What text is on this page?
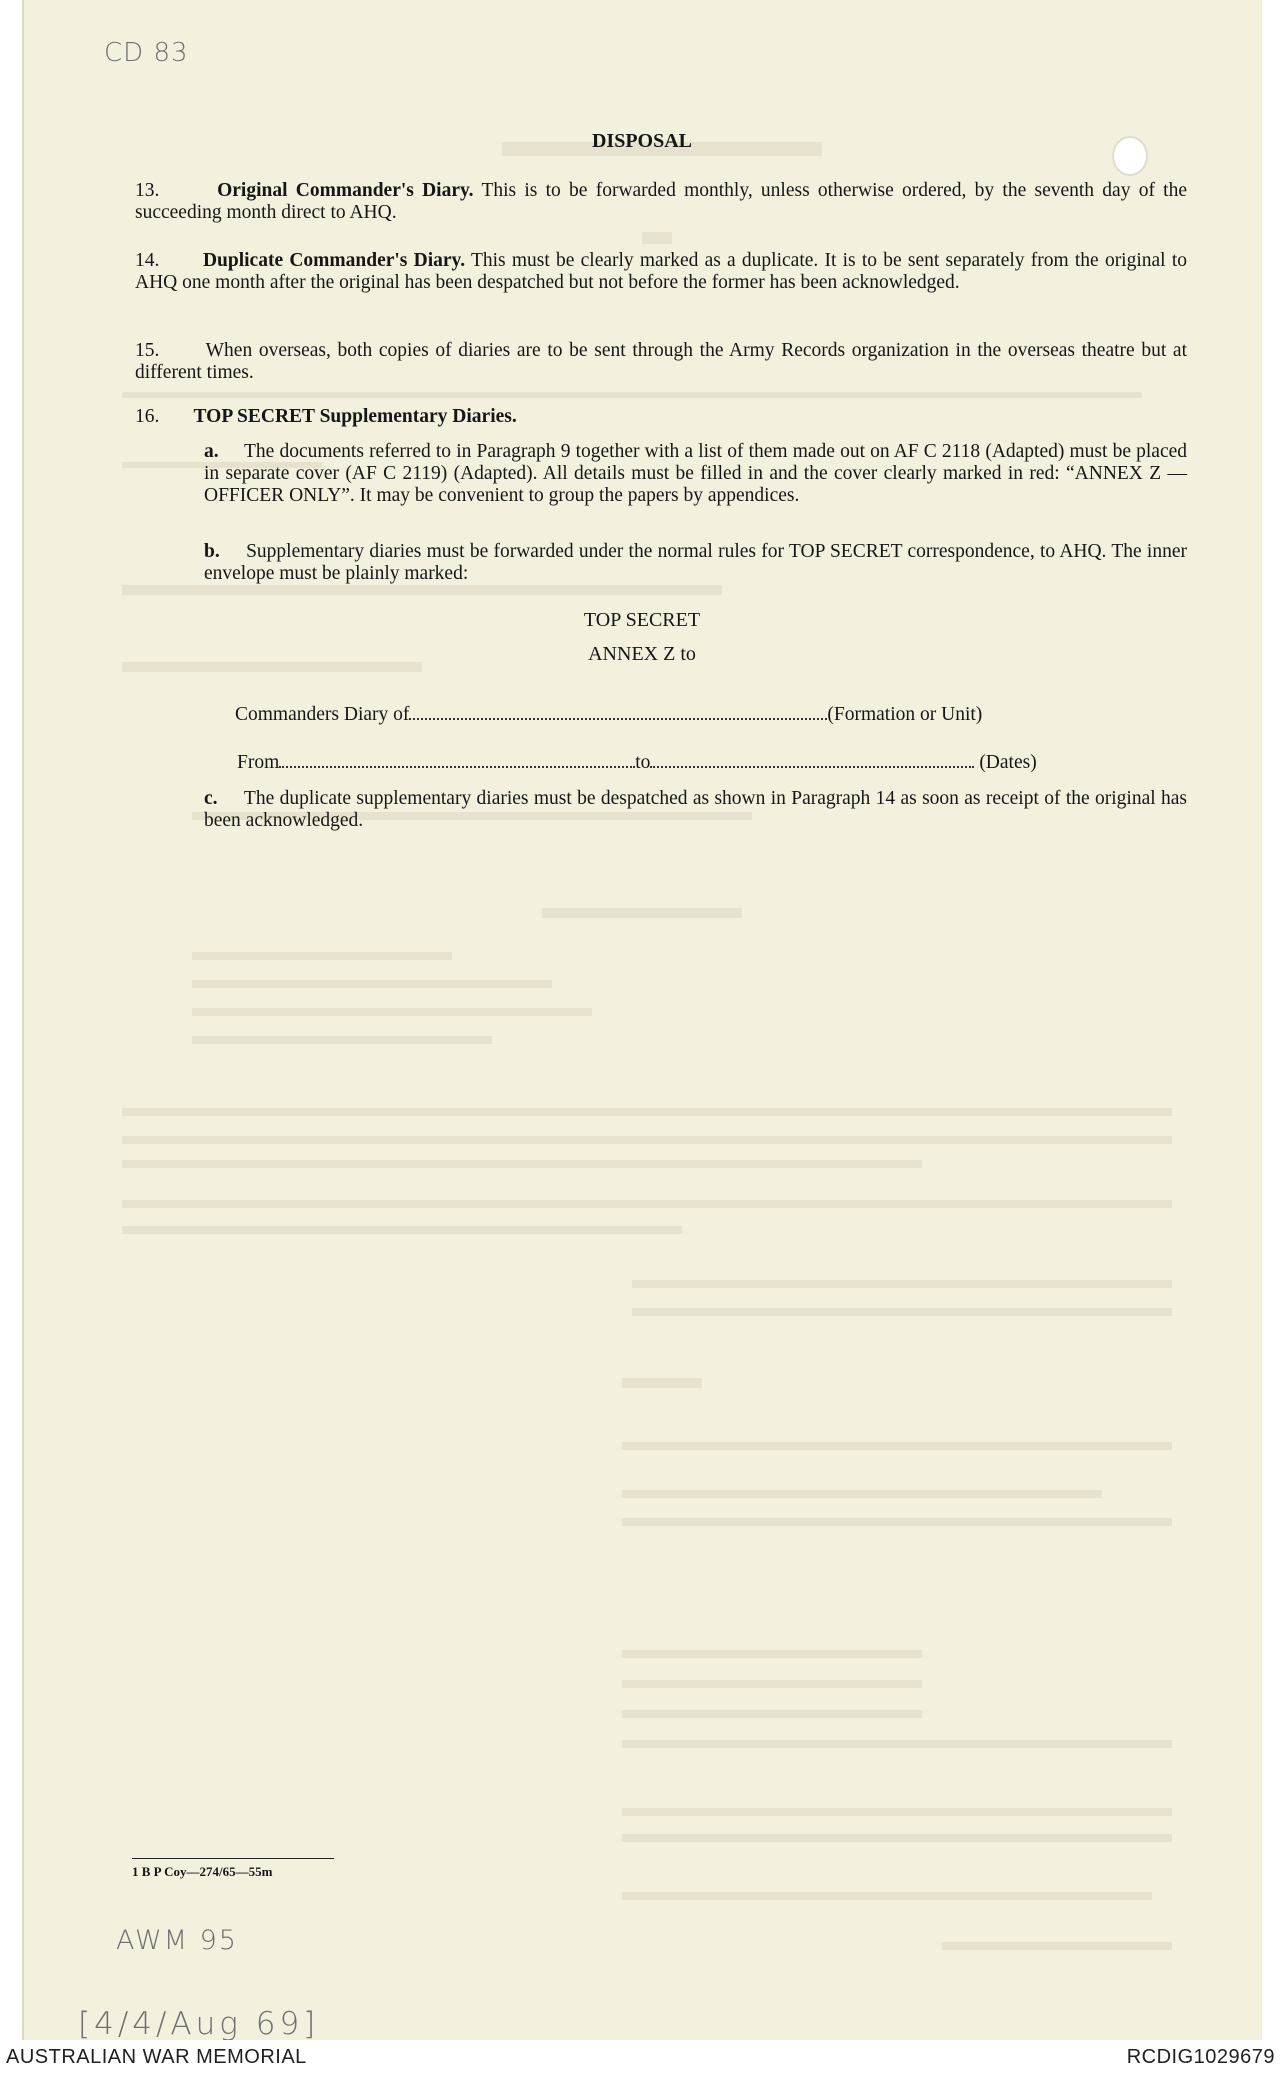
CD 83
DISPOSAL
13.	Original Commander's Diary. This is to be forwarded monthly, unless otherwise ordered, by the seventh day of the succeeding month direct to AHQ.
14. Duplicate Commander's Diary. This must be clearly marked as a duplicate. It is to be sent separately from the original to AHQ one month after the original has been despatched but not before the former has been acknowledged.
15. When overseas, both copies of diaries are to be sent through the Army Records organization in the overseas theatre but at different times.
16. TOP SECRET Supplementary Diaries.
a. The documents referred to in Paragraph 9 together with a list of them made out on AF C 2118 (Adapted) must be placed in separate cover (AF C 2119) (Adapted). All details must be filled in and the cover clearly marked in red: “ANNEX Z — OFFICER ONLY”. It may be convenient to group the papers by appendices.
b. Supplementary diaries must be forwarded under the normal rules for TOP SECRET correspondence, to AHQ. The inner envelope must be plainly marked:
TOP SECRET
ANNEX Z to
Commanders Diary of	(Formation or Unit)
From	to	(Dates)
c. The duplicate supplementary diaries must be despatched as shown in Paragraph 14 as soon as receipt of the original has been acknowledged.
1 B P Coy—274/65—55m
AWM 95
[4/4/Aug 69]
AUSTRALIAN WAR MEMORIAL	RCDIG1029679
